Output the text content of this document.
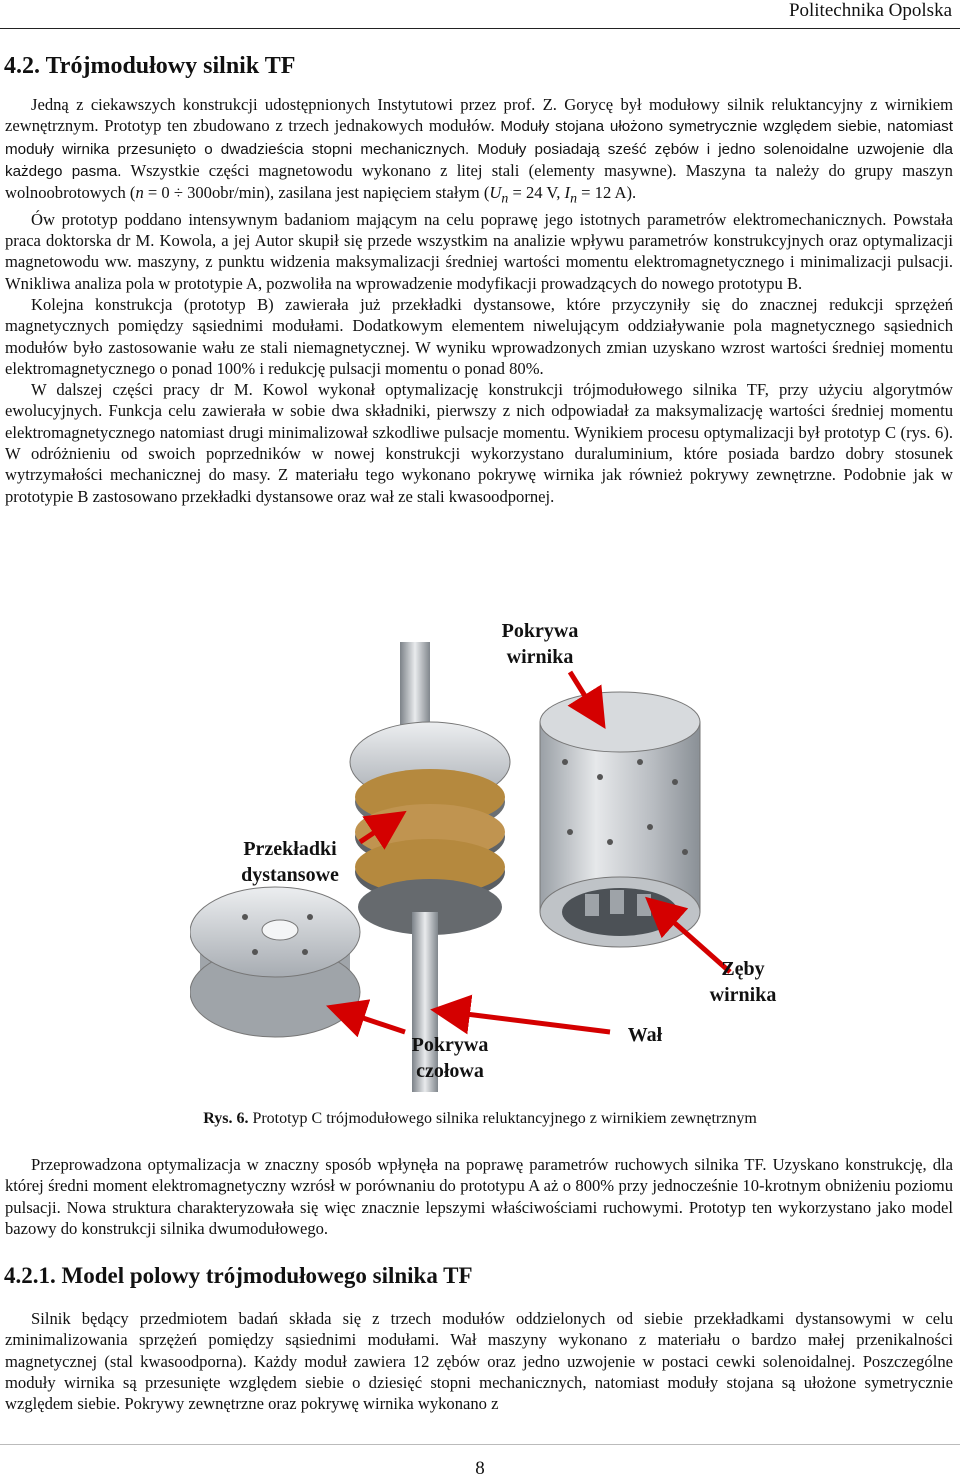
Politechnika Opolska
4.2. Trójmodułowy silnik TF

Jedną z ciekawszych konstrukcji udostępnionych Instytutowi przez prof. Z. Gorycę był modułowy silnik reluktancyjny z wirnikiem zewnętrznym. Prototyp ten zbudowano z trzech jednakowych modułów. Moduły stojana ułożono symetrycznie względem siebie, natomiast moduły wirnika przesunięto o dwadzieścia stopni mechanicznych. Moduły posiadają sześć zębów i jedno solenoidalne uzwojenie dla każdego pasma. Wszystkie części magnetowodu wykonano z litej stali (elementy masywne). Maszyna ta należy do grupy maszyn wolnoobrotowych (n = 0 ÷ 300obr/min), zasilana jest napięciem stałym ($U_n = 24$ V, $I_n = 12$ A).

Ów prototyp poddano intensywnym badaniom mającym na celu poprawę jego istotnych parametrów elektromechanicznych. Powstała praca doktorska dr M. Kowola, a jej Autor skupił się przede wszystkim na analizie wpływu parametrów konstrukcyjnych oraz optymalizacji magnetowodu ww. maszyny, z punktu widzenia maksymalizacji średniej wartości momentu elektromagnetycznego i minimalizacji pulsacji. Wnikliwa analiza pola w prototypie A, pozwoliła na wprowadzenie modyfikacji prowadzących do nowego prototypu B.

Kolejna konstrukcja (prototyp B) zawierała już przekładki dystansowe, które przyczyniły się do znacznej redukcji sprzężeń magnetycznych pomiędzy sąsiednimi modułami. Dodatkowym elementem niwelującym oddziaływanie pola magnetycznego sąsiednich modułów było zastosowanie wału ze stali niemagnetycznej. W wyniku wprowadzonych zmian uzyskano wzrost wartości średniej momentu elektromagnetycznego o ponad 100% i redukcję pulsacji momentu o ponad 80%.

W dalszej części pracy dr M. Kowol wykonał optymalizację konstrukcji trójmodułowego silnika TF, przy użyciu algorytmów ewolucyjnych. Funkcja celu zawierała w sobie dwa składniki, pierwszy z nich odpowiadał za maksymalizację wartości średniej momentu elektromagnetycznego natomiast drugi minimalizował szkodliwe pulsacje momentu. Wynikiem procesu optymalizacji był prototyp C (rys. 6). W odróżnieniu od swoich poprzedników w nowej konstrukcji wykorzystano duraluminium, które posiada bardzo dobry stosunek wytrzymałości mechanicznej do masy. Z materiału tego wykonano pokrywę wirnika jak również pokrywy zewnętrzne. Podobnie jak w prototypie B zastosowano przekładki dystansowe oraz wał ze stali kwasoodpornej.

Pokrywa
wirnika
Przekładki
dystansowe
Zęby
wirnika
Pokrywa
czołowa
Wał
Rys. 6. Prototyp C trójmodułowego silnika reluktancyjnego z wirnikiem zewnętrznym

Przeprowadzona optymalizacja w znaczny sposób wpłynęła na poprawę parametrów ruchowych silnika TF. Uzyskano konstrukcję, dla której średni moment elektromagnetyczny wzrósł w porównaniu do prototypu A aż o 800% przy jednocześnie 10-krotnym obniżeniu poziomu pulsacji. Nowa struktura charakteryzowała się więc znacznie lepszymi właściwościami ruchowymi. Prototyp ten wykorzystano jako model bazowy do konstrukcji silnika dwumodułowego.

4.2.1. Model polowy trójmodułowego silnika TF

Silnik będący przedmiotem badań składa się z trzech modułów oddzielonych od siebie przekładkami dystansowymi w celu zminimalizowania sprzężeń pomiędzy sąsiednimi modułami. Wał maszyny wykonano z materiału o bardzo małej przenikalności magnetycznej (stal kwasoodporna). Każdy moduł zawiera 12 zębów oraz jedno uzwojenie w postaci cewki solenoidalnej. Poszczególne moduły wirnika są przesunięte względem siebie o dziesięć stopni mechanicznych, natomiast moduły stojana są ułożone symetrycznie względem siebie. Pokrywy zewnętrzne oraz pokrywę wirnika wykonano z

8
